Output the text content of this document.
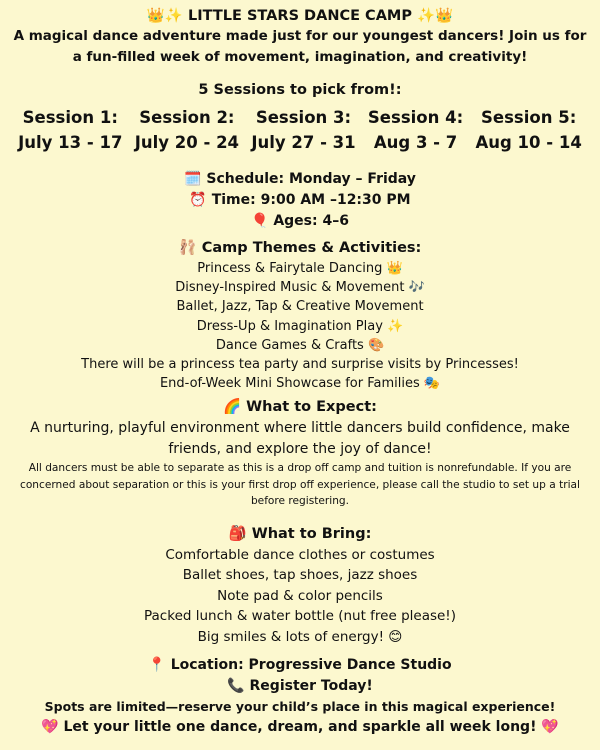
👑✨ LITTLE STARS DANCE CAMP ✨👑
A magical dance adventure made just for our youngest dancers! Join us for a fun-filled week of movement, imagination, and creativity!
5 Sessions to pick from!:
Session 1:
July 13 - 17
Session 2:
July 20 - 24
Session 3:
July 27 - 31
Session 4:
Aug 3 - 7
Session 5:
Aug 10 - 14
🗓️ Schedule: Monday – Friday
⏰ Time: 9:00 AM –12:30 PM
🎈 Ages: 4–6
🩰 Camp Themes & Activities:
Princess & Fairytale Dancing 👑
Disney-Inspired Music & Movement 🎶
Ballet, Jazz, Tap & Creative Movement
Dress-Up & Imagination Play ✨
Dance Games & Crafts 🎨
There will be a princess tea party and surprise visits by Princesses!
End-of-Week Mini Showcase for Families 🎭
🌈 What to Expect:
A nurturing, playful environment where little dancers build confidence, make friends, and explore the joy of dance!
All dancers must be able to separate as this is a drop off camp and tuition is nonrefundable. If you are concerned about separation or this is your first drop off experience, please call the studio to set up a trial before registering.
🎒 What to Bring:
Comfortable dance clothes or costumes
Ballet shoes, tap shoes, jazz shoes
Note pad & color pencils
Packed lunch & water bottle (nut free please!)
Big smiles & lots of energy! 😊
📍 Location: Progressive Dance Studio
📞 Register Today!
Spots are limited—reserve your child’s place in this magical experience!
💖 Let your little one dance, dream, and sparkle all week long! 💖
